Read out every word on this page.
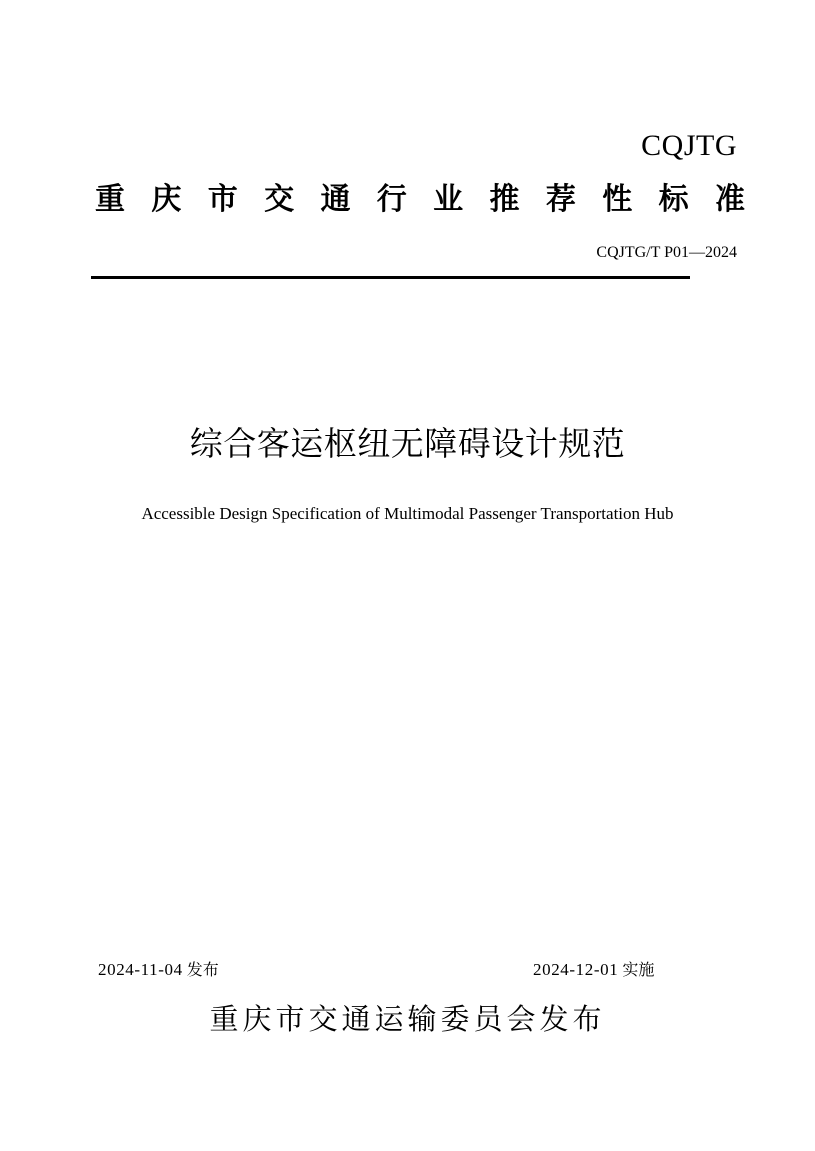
CQJTG
重 庆 市 交 通 行 业 推 荐 性 标 准
CQJTG/T P01—2024
综合客运枢纽无障碍设计规范
Accessible Design Specification of Multimodal Passenger Transportation Hub
2024-11-04 发布	2024-12-01 实施
重庆市交通运输委员会发布
